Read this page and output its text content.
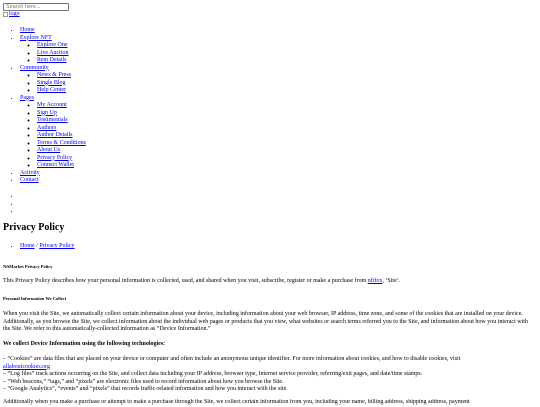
Search here...
logo
• Home
• Explore NFT
◦ Explore One
◦ Live Auction
◦ Item Details
• Community
◦ News & Press
◦ Single Blog
◦ Help Center
• Pages
◦ My Account
◦ Sign Up
◦ Testimonials
◦ Authors
◦ Author Details
◦ Terms & Conditions
◦ About Us
◦ Privacy Policy
◦ Connect Wallet
• Activity
• Contact
Privacy Policy
• Home / Privacy Policy

NftMarket Privacy Policy

This Privacy Policy describes how your personal information is collected, used, and shared when you visit, subscribe, register or make a purchase from nftfox, ‘Site’.

Personal Information We Collect

When you visit the Site, we automatically collect certain information about your device, including information about your web browser, IP address, time zone, and some of the cookies that are installed on your device. Additionally, as you browse the Site, we collect information about the individual web pages or products that you view, what websites or search terms referred you to the Site, and information about how you interact with the Site. We refer to this automatically-collected information as “Device Information.”

We collect Device Information using the following technologies:

– “Cookies” are data files that are placed on your device or computer and often include an anonymous unique identifier. For more information about cookies, and how to disable cookies, visit
allaboutcookies.org
– “Log files” track actions occurring on the Site, and collect data including your IP address, browser type, Internet service provider, referring/exit pages, and date/time stamps.
– “Web beacons,” “tags,” and “pixels” are electronic files used to record information about how you browse the Site.
– “Google Analytics”, “events” and “pixels” that records traffic-related information and how you interact with the site.

Additionally when you make a purchase or attempt to make a purchase through the Site, we collect certain information from you, including your name, billing address, shipping address, payment
